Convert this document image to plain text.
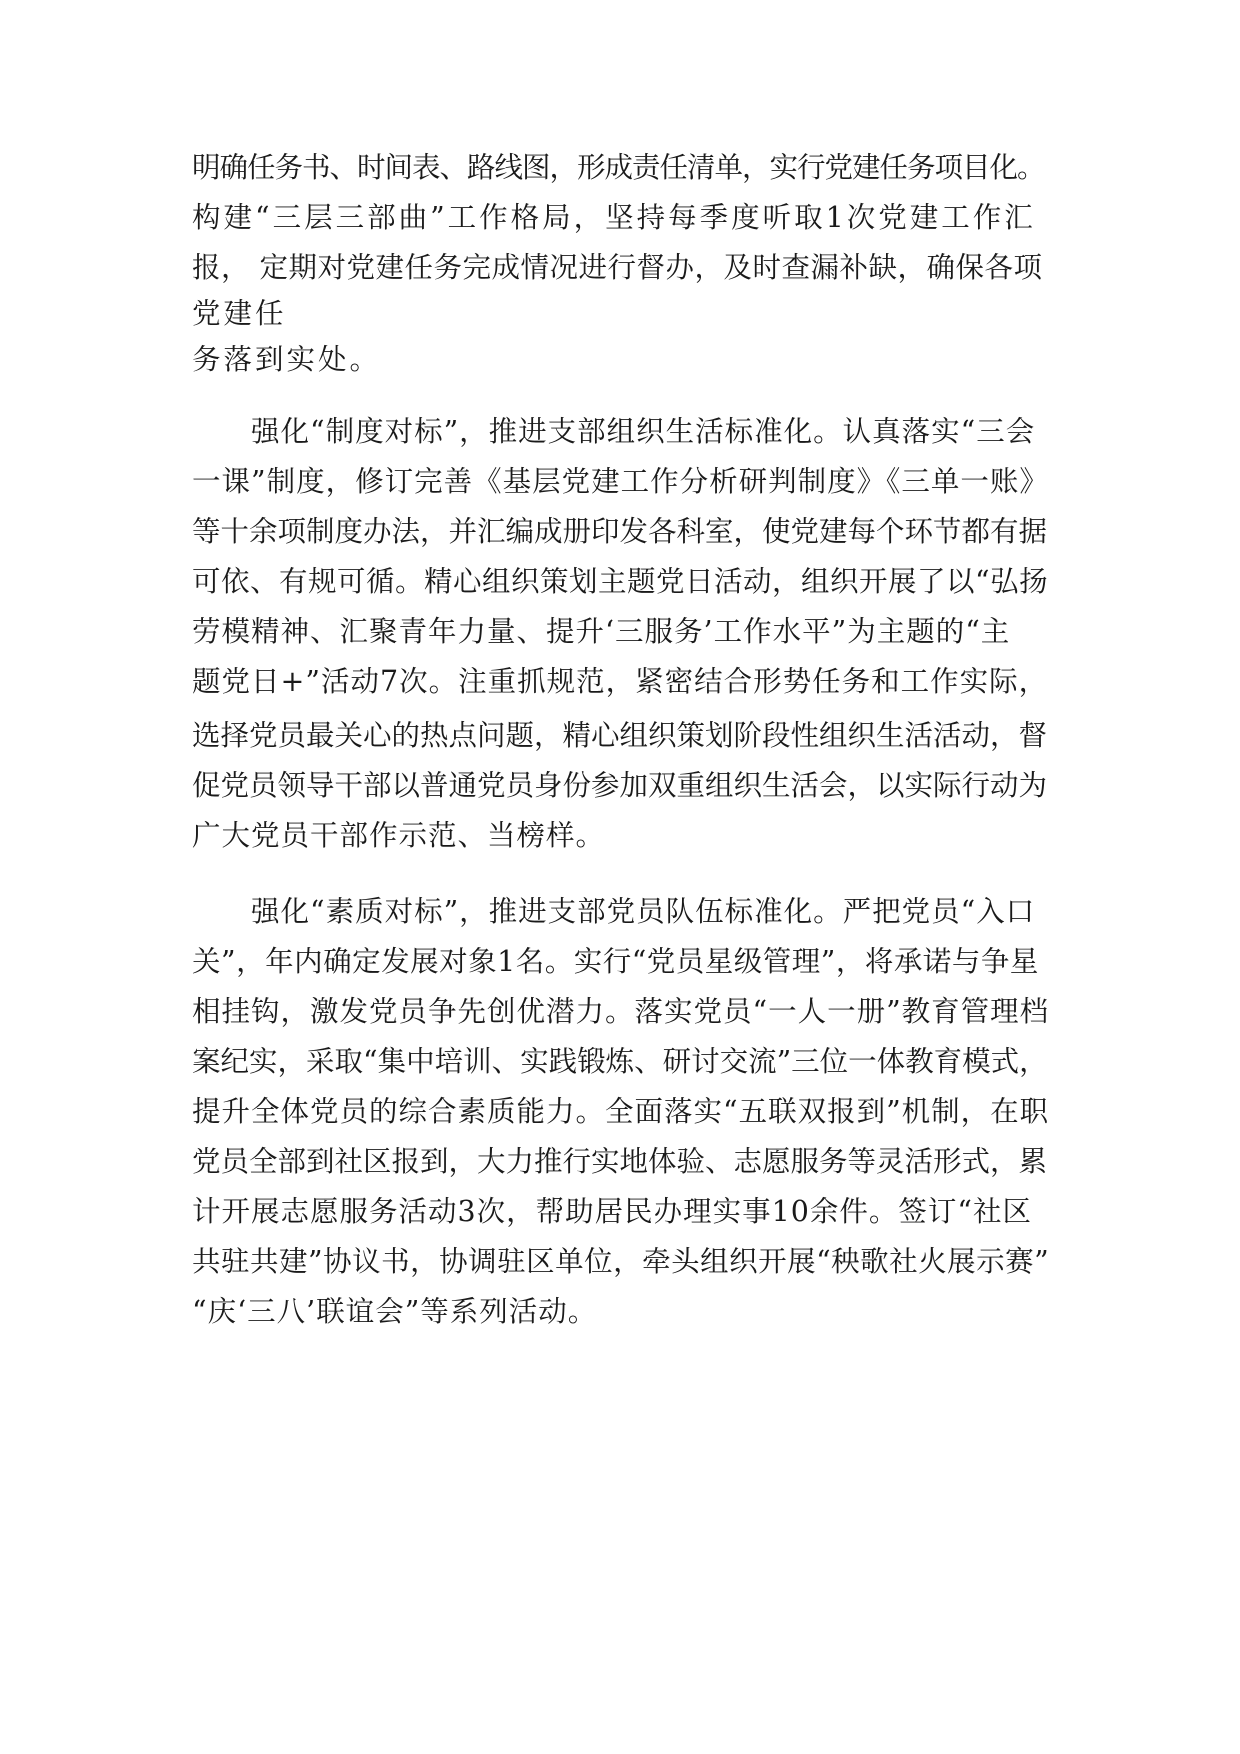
明确任务书、时间表、路线图，形成责任清单，实行党建任务项目化。
构建“三层三部曲”工作格局，坚持每季度听取1次党建工作汇
报， 定期对党建任务完成情况进行督办，及时查漏补缺，确保各项
党建任
务落到实处。
强化“制度对标”，推进支部组织生活标准化。认真落实“三会
一课”制度，修订完善《基层党建工作分析研判制度》《三单一账》
等十余项制度办法，并汇编成册印发各科室，使党建每个环节都有据
可依、有规可循。精心组织策划主题党日活动，组织开展了以“弘扬
劳模精神、汇聚青年力量、提升‘三服务’工作水平”为主题的“主
题党日+”活动7次。注重抓规范，紧密结合形势任务和工作实际，
选择党员最关心的热点问题，精心组织策划阶段性组织生活活动，督
促党员领导干部以普通党员身份参加双重组织生活会，以实际行动为
广大党员干部作示范、当榜样。
强化“素质对标”，推进支部党员队伍标准化。严把党员“入口
关”，年内确定发展对象1名。实行“党员星级管理”，将承诺与争星
相挂钩，激发党员争先创优潜力。落实党员“一人一册”教育管理档
案纪实，采取“集中培训、实践锻炼、研讨交流”三位一体教育模式，
提升全体党员的综合素质能力。全面落实“五联双报到”机制，在职
党员全部到社区报到，大力推行实地体验、志愿服务等灵活形式，累
计开展志愿服务活动3次，帮助居民办理实事10余件。签订“社区
共驻共建”协议书，协调驻区单位，牵头组织开展“秧歌社火展示赛”
“庆‘三八’联谊会”等系列活动。
